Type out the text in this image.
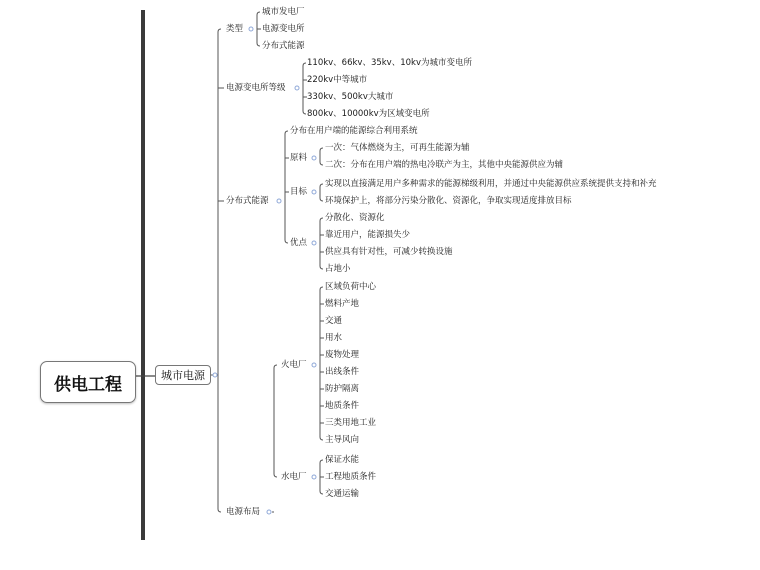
供电工程	城市电源
类型
电源变电所等级
分布式能源
电源布局
城市发电厂
电源变电所
分布式能源
110kv、66kv、35kv、10kv为城市变电所
220kv中等城市
330kv、500kv大城市
800kv、10000kv为区域变电所
分布在用户端的能源综合利用系统
原料
目标
优点
一次：气体燃烧为主，可再生能源为辅
二次：分布在用户端的热电冷联产为主，其他中央能源供应为辅
实现以直接满足用户多种需求的能源梯级利用，并通过中央能源供应系统提供支持和补充
环境保护上，将部分污染分散化、资源化，争取实现适度排放目标
分散化、资源化
靠近用户，能源损失少
供应具有针对性，可减少转换设施
占地小
火电厂
水电厂
区域负荷中心
燃料产地
交通
用水
废物处理
出线条件
防护隔离
地质条件
三类用地工业
主导风向
保证水能
工程地质条件
交通运输
